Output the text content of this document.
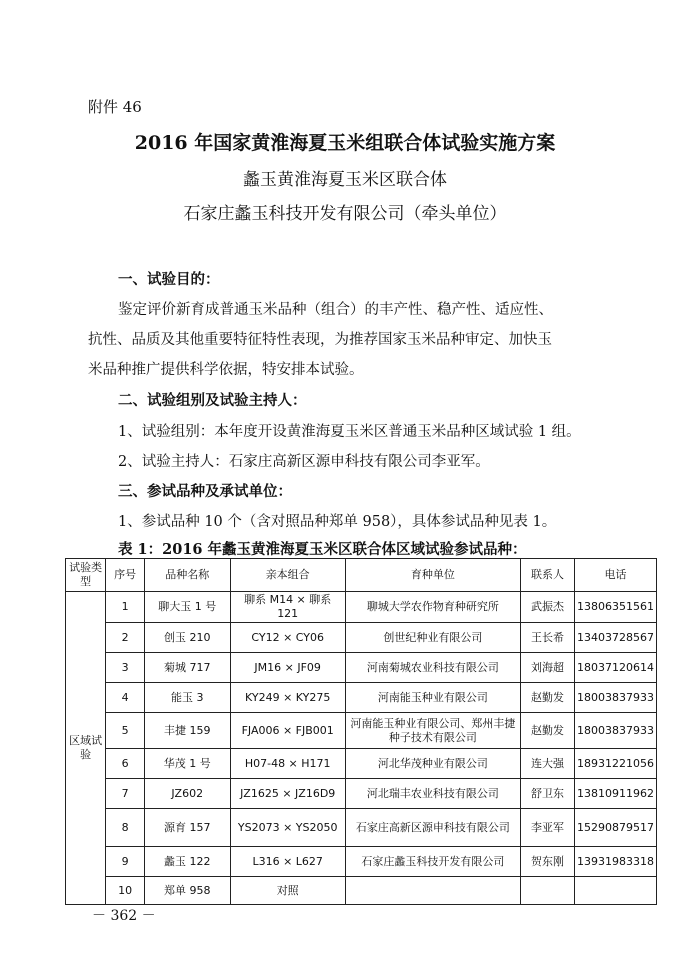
附件 46
2016 年国家黄淮海夏玉米组联合体试验实施方案
蠡玉黄淮海夏玉米区联合体
石家庄蠡玉科技开发有限公司（牵头单位）
一、试验目的：
鉴定评价新育成普通玉米品种（组合）的丰产性、稳产性、适应性、
抗性、品质及其他重要特征特性表现，为推荐国家玉米品种审定、加快玉
米品种推广提供科学依据，特安排本试验。
二、试验组别及试验主持人：
1、试验组别：本年度开设黄淮海夏玉米区普通玉米品种区域试验 1 组。
2、试验主持人：石家庄高新区源申科技有限公司李亚军。
三、参试品种及承试单位：
1、参试品种 10 个（含对照品种郑单 958），具体参试品种见表 1。
表 1：2016 年蠡玉黄淮海夏玉米区联合体区域试验参试品种：
试验类型	序号	品种名称	亲本组合	育种单位	联系人	电话
区域试验	1	聊大玉 1 号	聊系 M14 × 聊系 121	聊城大学农作物育种研究所	武振杰	13806351561
	2	创玉 210	CY12 × CY06	创世纪种业有限公司	王长希	13403728567
	3	菊城 717	JM16 × JF09	河南菊城农业科技有限公司	刘海超	18037120614
	4	能玉 3	KY249 × KY275	河南能玉种业有限公司	赵勤发	18003837933
	5	丰捷 159	FJA006 × FJB001	河南能玉种业有限公司、郑州丰捷种子技术有限公司	赵勤发	18003837933
	6	华茂 1 号	H07-48 × H171	河北华茂种业有限公司	连大强	18931221056
	7	JZ602	JZ1625 × JZ16D9	河北瑞丰农业科技有限公司	舒卫东	13810911962
	8	源育 157	YS2073 × YS2050	石家庄高新区源申科技有限公司	李亚军	15290879517
	9	蠡玉 122	L316 × L627	石家庄蠡玉科技开发有限公司	贺东刚	13931983318
	10	郑单 958	对照			
－ 362 －
